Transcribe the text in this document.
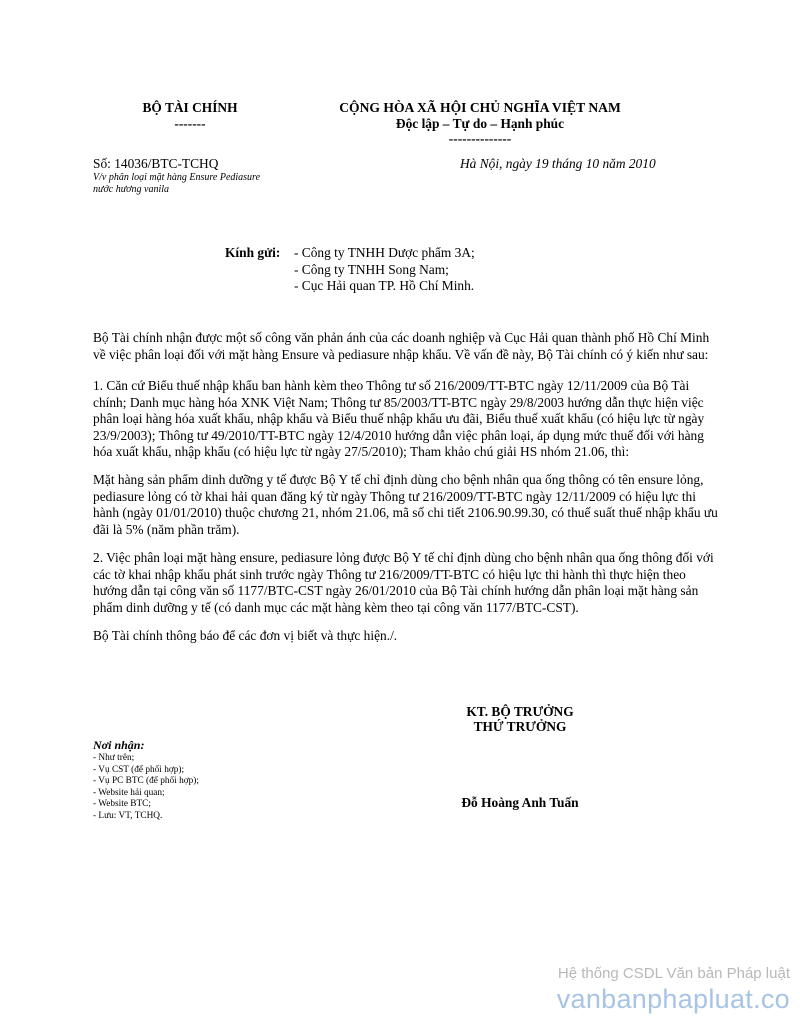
BỘ TÀI CHÍNH
-------
CỘNG HÒA XÃ HỘI CHỦ NGHĨA VIỆT NAM
Độc lập – Tự do – Hạnh phúc
--------------
Số: 14036/BTC-TCHQ
V/v phân loại mặt hàng Ensure Pediasure
nước hương vanila
Hà Nội, ngày 19 tháng 10 năm 2010
Kính gửi: - Công ty TNHH Dược phẩm 3A;
- Công ty TNHH Song Nam;
- Cục Hải quan TP. Hồ Chí Minh.
Bộ Tài chính nhận được một số công văn phản ánh của các doanh nghiệp và Cục Hải quan thành phố Hồ Chí Minh
về việc phân loại đối với mặt hàng Ensure và pediasure nhập khẩu. Về vấn đề này, Bộ Tài chính có ý kiến như sau:
1. Căn cứ Biểu thuế nhập khẩu ban hành kèm theo Thông tư số 216/2009/TT-BTC ngày 12/11/2009 của Bộ Tài
chính; Danh mục hàng hóa XNK Việt Nam; Thông tư 85/2003/TT-BTC ngày 29/8/2003 hướng dẫn thực hiện việc
phân loại hàng hóa xuất khẩu, nhập khẩu và Biểu thuế nhập khẩu ưu đãi, Biểu thuế xuất khẩu (có hiệu lực từ ngày
23/9/2003); Thông tư 49/2010/TT-BTC ngày 12/4/2010 hướng dẫn việc phân loại, áp dụng mức thuế đối với hàng
hóa xuất khẩu, nhập khẩu (có hiệu lực từ ngày 27/5/2010); Tham khảo chú giải HS nhóm 21.06, thì:
Mặt hàng sản phẩm dinh dưỡng y tế được Bộ Y tế chỉ định dùng cho bệnh nhân qua ống thông có tên ensure lỏng,
pediasure lỏng có tờ khai hải quan đăng ký từ ngày Thông tư 216/2009/TT-BTC ngày 12/11/2009 có hiệu lực thi
hành (ngày 01/01/2010) thuộc chương 21, nhóm 21.06, mã số chi tiết 2106.90.99.30, có thuế suất thuế nhập khẩu ưu
đãi là 5% (năm phần trăm).
2. Việc phân loại mặt hàng ensure, pediasure lỏng được Bộ Y tế chỉ định dùng cho bệnh nhân qua ống thông đối với
các tờ khai nhập khẩu phát sinh trước ngày Thông tư 216/2009/TT-BTC có hiệu lực thi hành thì thực hiện theo
hướng dẫn tại công văn số 1177/BTC-CST ngày 26/01/2010 của Bộ Tài chính hướng dẫn phân loại mặt hàng sản
phẩm dinh dưỡng y tế (có danh mục các mặt hàng kèm theo tại công văn 1177/BTC-CST).
Bộ Tài chính thông báo để các đơn vị biết và thực hiện./.
KT. BỘ TRƯỞNG
THỨ TRƯỞNG
Đỗ Hoàng Anh Tuấn
Nơi nhận:
- Như trên;
- Vụ CST (để phối hợp);
- Vụ PC BTC (để phối hợp);
- Website hải quan;
- Website BTC;
- Lưu: VT, TCHQ.
Hệ thống CSDL Văn bản Pháp luật
vanbanphapluat.co
